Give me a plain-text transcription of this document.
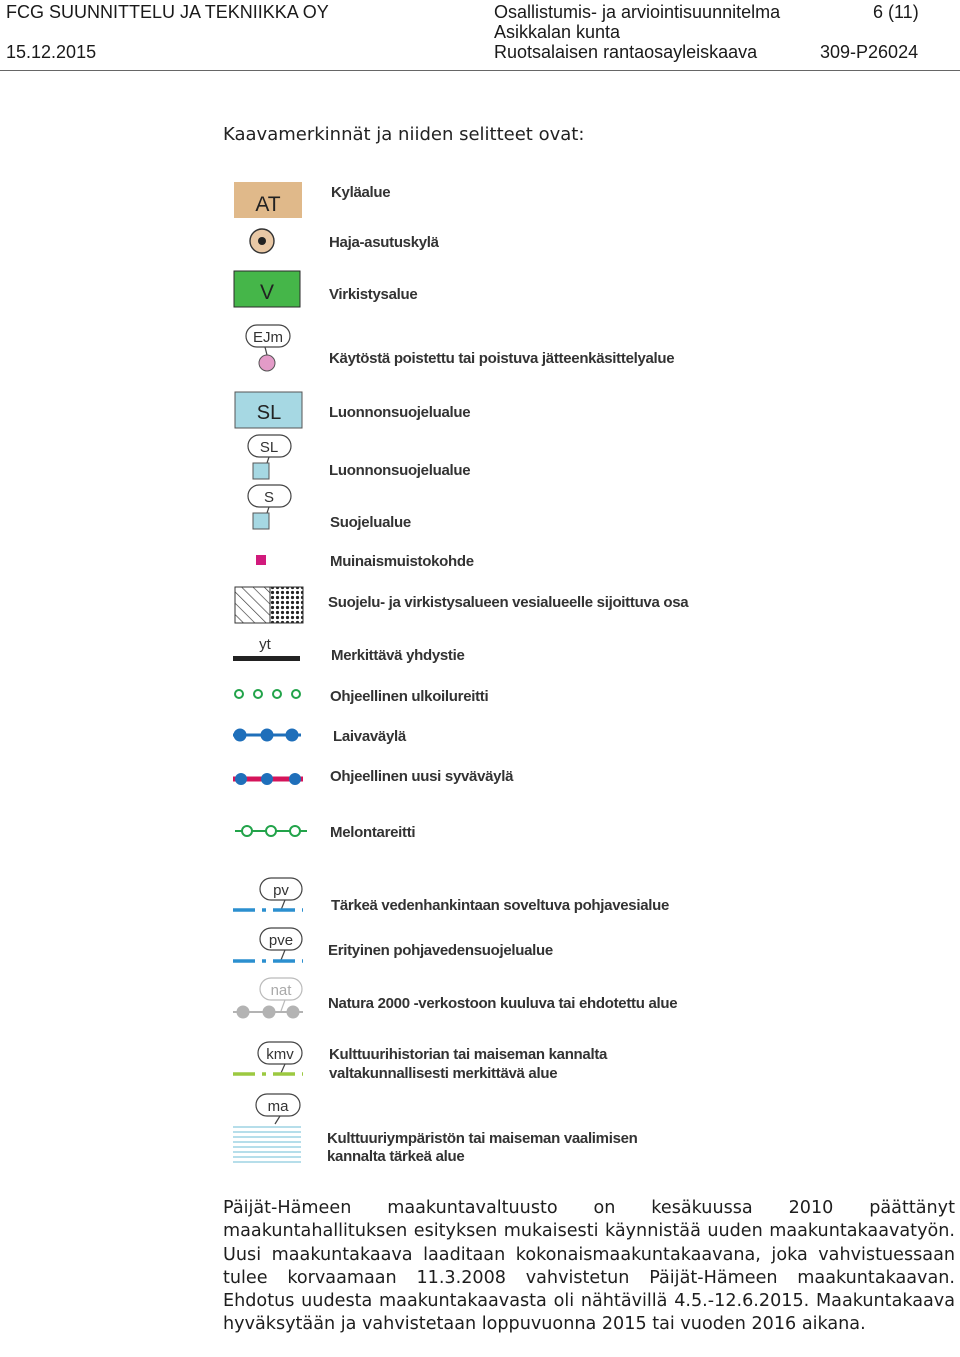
FCG SUUNNITTELU JA TEKNIIKKA OY
15.12.2015
Osallistumis- ja arviointisuunnitelma
Asikkalan kunta
Ruotsalaisen rantaosayleiskaava
6 (11)
309-P26024
Kaavamerkinnät ja niiden selitteet ovat:
AT
V
EJm
SL
SL
S
yt
pv
pve
nat
kmv
ma
Kyläalue
Haja-asutuskylä
Virkistysalue
Käytöstä poistettu tai poistuva jätteenkäsittelyalue
Luonnonsuojelualue
Luonnonsuojelualue
Suojelualue
Muinaismuistokohde
Suojelu- ja virkistysalueen vesialueelle sijoittuva osa
Merkittävä yhdystie
Ohjeellinen ulkoilureitti
Laivaväylä
Ohjeellinen uusi syväväylä
Melontareitti
Tärkeä vedenhankintaan soveltuva pohjavesialue
Erityinen pohjavedensuojelualue
Natura 2000 -verkostoon kuuluva tai ehdotettu alue
Kulttuurihistorian tai maiseman kannalta
valtakunnallisesti merkittävä alue
Kulttuuriympäristön tai maiseman vaalimisen
kannalta tärkeä alue

Päijät-Hämeen maakuntavaltuusto on kesäkuussa 2010 päättänyt maakuntahallituksen esityksen mukaisesti käynnistää uuden maakuntakaavatyön. Uusi maakuntakaava laaditaan kokonaismaakuntakaavana, joka vahvistuessaan tulee korvaamaan 11.3.2008 vahvistetun Päijät-Hämeen maakuntakaavan. Ehdotus uudesta maakuntakaavasta oli nähtävillä 4.5.-12.6.2015. Maakuntakaava hyväksytään ja vahvistetaan loppuvuonna 2015 tai vuoden 2016 aikana.
